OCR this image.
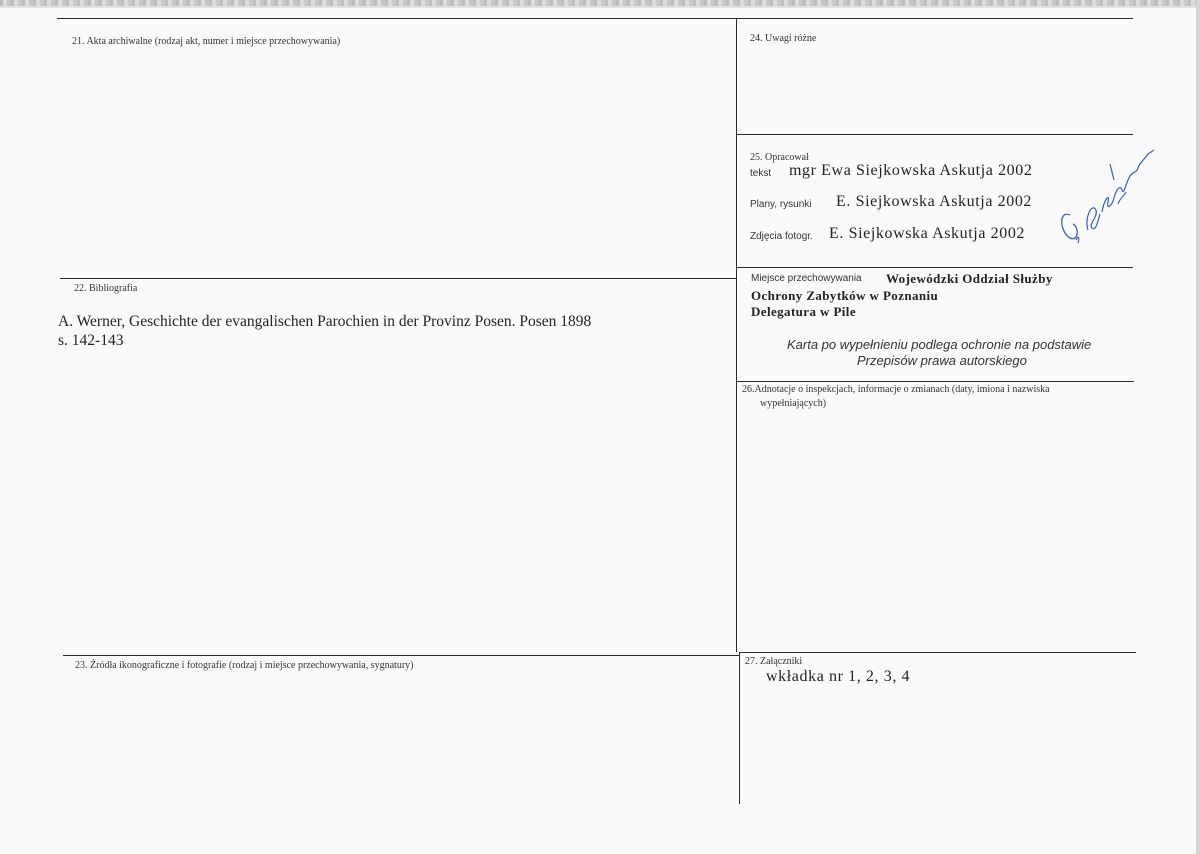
21. Akta archiwalne (rodzaj akt, numer i miejsce przechowywania)
22. Bibliografia
A. Werner, Geschichte der evangalischen Parochien in der Provinz Posen. Posen 1898
s. 142-143
23. Źródła ikonograficzne i fotografie (rodzaj i miejsce przechowywania, sygnatury)
24. Uwagi różne
25. Opracował
tekst mgr Ewa Siejkowska Askutja 2002
Plany, rysunki E. Siejkowska Askutja 2002
Zdjęcia fotogr. E. Siejkowska Askutja 2002
Miejsce przechowywania Wojewódzki Oddział Służby
Ochrony Zabytków w Poznaniu
Delegatura w Pile
Karta po wypełnieniu podlega ochronie na podstawie
Przepisów prawa autorskiego
26.Adnotacje o inspekcjach, informacje o zmianach (daty, imiona i nazwiska
wypełniających)
27. Załączniki
wkładka nr 1, 2, 3, 4
